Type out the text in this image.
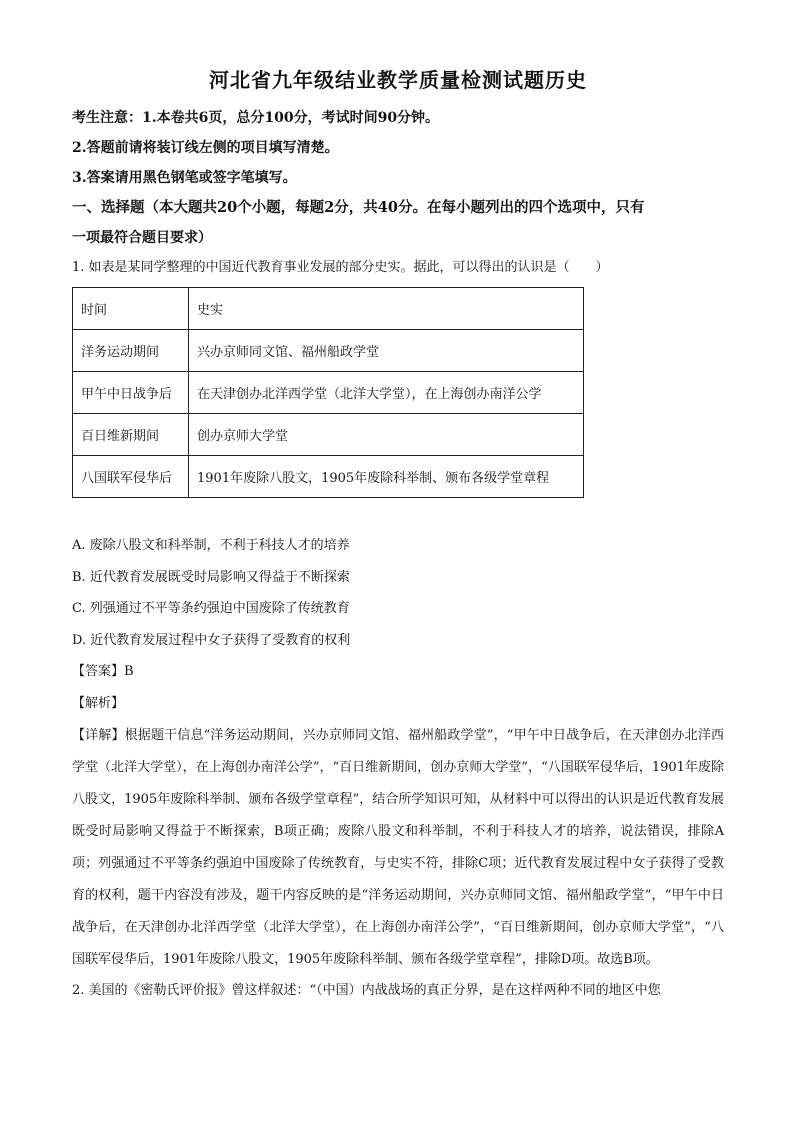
河北省九年级结业教学质量检测试题历史
考生注意：1.本卷共6页，总分100分，考试时间90分钟。
2.答题前请将装订线左侧的项目填写清楚。
3.答案请用黑色钢笔或签字笔填写。
一、选择题（本大题共20个小题，每题2分，共40分。在每小题列出的四个选项中，只有
一项最符合题目要求）
1. 如表是某同学整理的中国近代教育事业发展的部分史实。据此，可以得出的认识是（　　）
时间	史实
洋务运动期间	兴办京师同文馆、福州船政学堂
甲午中日战争后	在天津创办北洋西学堂（北洋大学堂），在上海创办南洋公学
百日维新期间	创办京师大学堂
八国联军侵华后	1901年废除八股文，1905年废除科举制、颁布各级学堂章程
A. 废除八股文和科举制，不利于科技人才的培养
B. 近代教育发展既受时局影响又得益于不断探索
C. 列强通过不平等条约强迫中国废除了传统教育
D. 近代教育发展过程中女子获得了受教育的权利
【答案】B
【解析】
【详解】根据题干信息“洋务运动期间，兴办京师同文馆、福州船政学堂”，“甲午中日战争后，在天津创办北洋西学堂（北洋大学堂），在上海创办南洋公学”，“百日维新期间，创办京师大学堂”，“八国联军侵华后，1901年废除八股文，1905年废除科举制、颁布各级学堂章程”，结合所学知识可知，从材料中可以得出的认识是近代教育发展既受时局影响又得益于不断探索，B项正确；废除八股文和科举制，不利于科技人才的培养，说法错误，排除A项；列强通过不平等条约强迫中国废除了传统教育，与史实不符，排除C项；近代教育发展过程中女子获得了受教育的权利，题干内容没有涉及，题干内容反映的是“洋务运动期间，兴办京师同文馆、福州船政学堂”，“甲午中日战争后，在天津创办北洋西学堂（北洋大学堂），在上海创办南洋公学”，“百日维新期间，创办京师大学堂”，“八国联军侵华后，1901年废除八股文，1905年废除科举制、颁布各级学堂章程”，排除D项。故选B项。
2. 美国的《密勒氏评价报》曾这样叙述：“（中国）内战战场的真正分界，是在这样两种不同的地区中您
